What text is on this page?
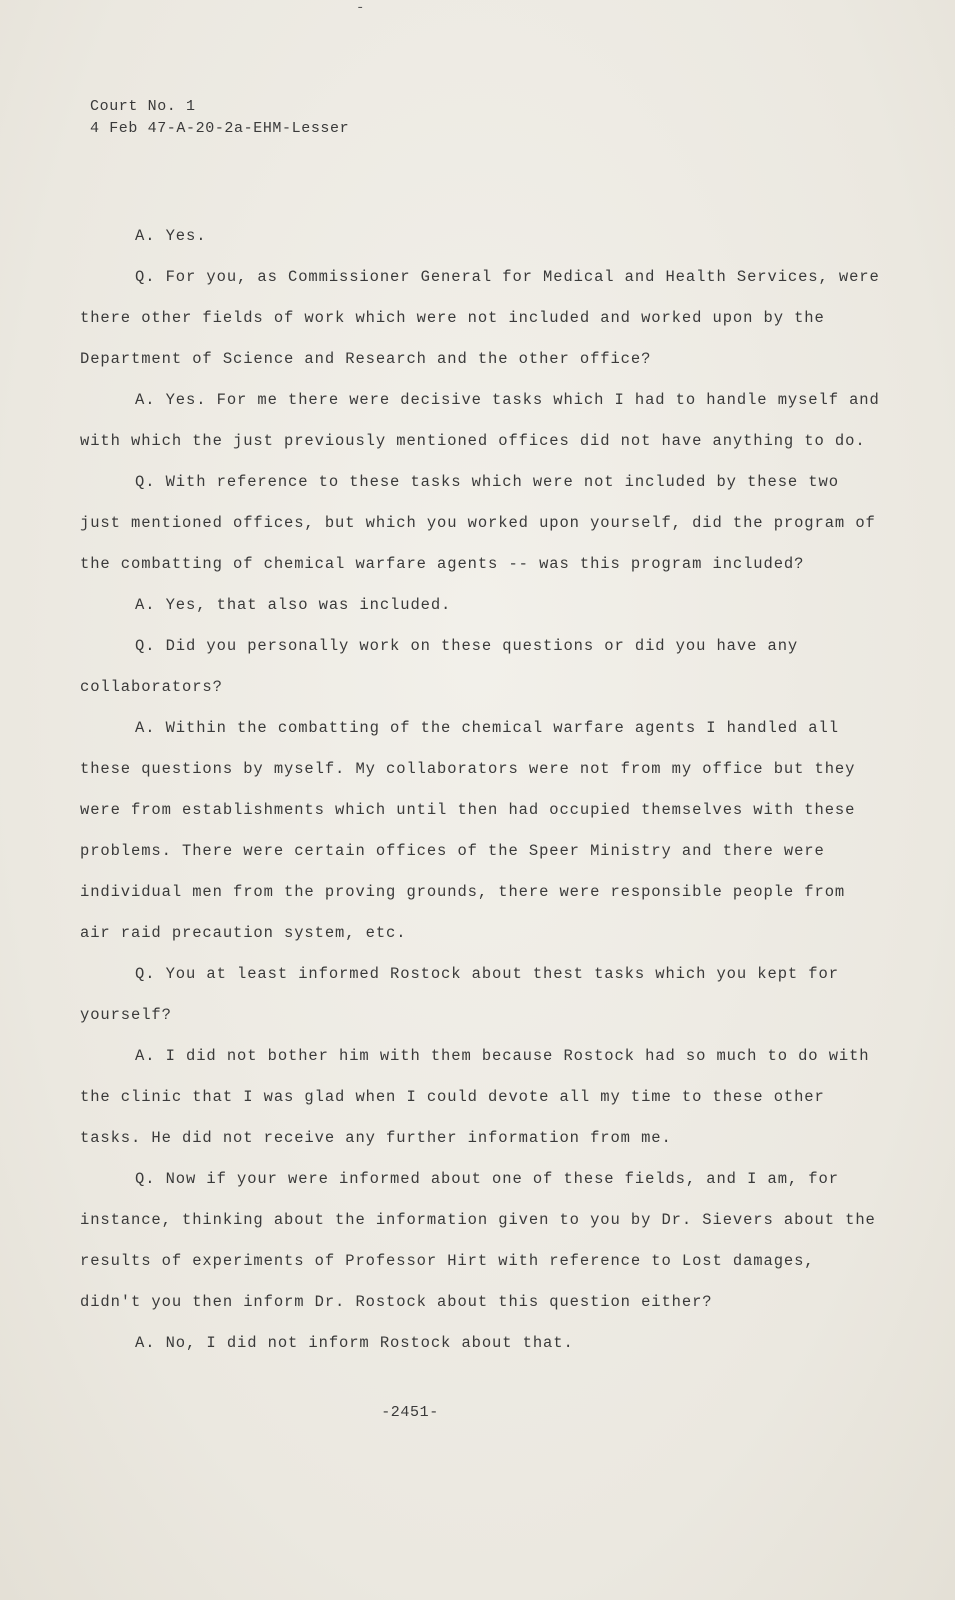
-
Court No. 1
4 Feb 47-A-20-2a-EHM-Lesser

A. Yes.

Q. For you, as Commissioner General for Medical and Health Services, were there other fields of work which were not included and worked upon by the Department of Science and Research and the other office?

A. Yes. For me there were decisive tasks which I had to handle myself and with which the just previously mentioned offices did not have anything to do.

Q. With reference to these tasks which were not included by these two just mentioned offices, but which you worked upon yourself, did the program of the combatting of chemical warfare agents -- was this program included?

A. Yes, that also was included.

Q. Did you personally work on these questions or did you have any collaborators?

A. Within the combatting of the chemical warfare agents I handled all these questions by myself. My collaborators were not from my office but they were from establishments which until then had occupied themselves with these problems. There were certain offices of the Speer Ministry and there were individual men from the proving grounds, there were responsible people from air raid precaution system, etc.

Q. You at least informed Rostock about thest tasks which you kept for yourself?

A. I did not bother him with them because Rostock had so much to do with the clinic that I was glad when I could devote all my time to these other tasks. He did not receive any further information from me.

Q. Now if your were informed about one of these fields, and I am, for instance, thinking about the information given to you by Dr. Sievers about the results of experiments of Professor Hirt with reference to Lost damages, didn't you then inform Dr. Rostock about this question either?

A. No, I did not inform Rostock about that.

-2451-
